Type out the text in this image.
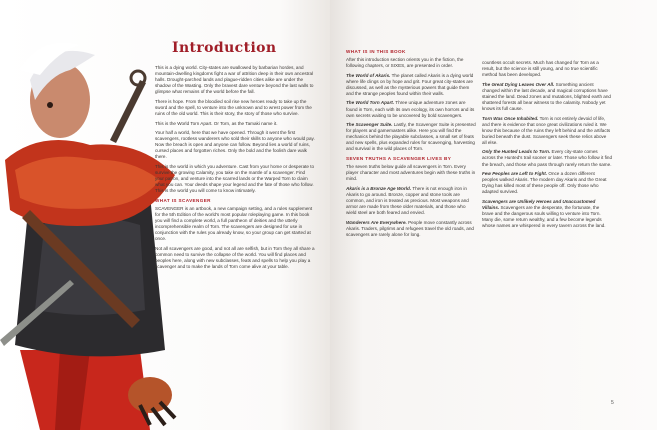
Introduction

This is a dying world. City-states are swallowed by barbarian hordes, and mountain-dwelling kingdoms fight a war of attrition deep in their own ancestral halls. Drought-parched lands and plague-ridden cities alike are under the shadow of the Wasting. Only the bravest dare venture beyond the last walls to glimpse what remains of the world before the fall.

There is hope. From the bloodied soil rise new heroes ready to take up the sword and the spell, to venture into the unknown and to wrest power from the ruins of the old world. This is their story, the story of those who survive.

This is the World Torn Apart. Or Torn, as the Tamaki name it.

Your half a world, here that we have opened. Through it went the first scavengers, rootless wanderers who sold their skills to anyone who would pay. Now the breach is open and anyone can follow. Beyond lies a world of ruins, cursed places and forgotten riches. Only the bold and the foolish dare walk there.

This is the world in which you adventure. Cast from your home or desperate to survive the growing Calamity, you take on the mantle of a scavenger. Find your patron, and venture into the scarred lands or the Warped Torn to claim what you can. Your deeds shape your legend and the fate of those who follow. This is the world you will come to know intimately.

WHAT IS SCAVENGER

SCAVENGER is an artbook, a new campaign setting, and a rules supplement for the 5th Edition of the world's most popular roleplaying game. In this book you will find a complete world, a full pantheon of deities and the utterly incomprehensible realm of Torn. The scavengers are designed for use in conjunction with the rules you already know, so your group can get started at once.

Not all scavengers are good, and not all are selfish, but in Torn they all share a common need to survive the collapse of the world. You will find places and peoples here, along with new subclasses, feats and spells to help you play a scavenger and to make the lands of Torn come alive at your table.

WHAT IS IN THIS BOOK

After this introduction section orients you in the fiction, the following chapters, or SIXES, are presented in order.

The World of Akaris. The planet called Akaris is a dying world where life clings on by hope and grit. Four great city-states are discussed, as well as the mysterious powers that guide them and the strange peoples found within their walls.

The World Torn Apart. Three unique adventure zones are found in Torn, each with its own ecology, its own horrors and its own secrets waiting to be uncovered by bold scavengers.

The Scavenger Suite. Lastly, the Scavenger Suite is presented for players and gamemasters alike. Here you will find the mechanics behind the playable subclasses, a small set of feats and new spells, plus expanded rules for scavenging, harvesting and survival in the wild places of Torn.

SEVEN TRUTHS A SCAVENGER LIVES BY

The seven truths below guide all scavengers in Torn. Every player character and most adventures begin with these truths in mind.

Akaris is a Bronze Age World. There is not enough iron in Akaris to go around. Bronze, copper and stone tools are common, and iron is treated as precious. Most weapons and armor are made from these older materials, and those who wield steel are both feared and envied.

Wanderers Are Everywhere. People move constantly across Akaris. Traders, pilgrims and refugees travel the old roads, and scavengers are rarely alone for long.

countless occult secrets. Much has changed for Torn as a result, but the science is still young, and no true scientific method has been developed.

The Great Dying Leaves Over All. Something ancient changed within the last decade, and magical corruptions have stained the land. Dead zones and mutations, blighted earth and shattered forests all bear witness to the calamity. Nobody yet knows its full cause.

Torn Was Once Inhabited. Torn is not entirely devoid of life, and there is evidence that once great civilizations ruled it. We know this because of the ruins they left behind and the artifacts buried beneath the dust. Scavengers seek these relics above all else.

Only the Hunted Leads to Torn. Every city-state comes across the Hunted's trail sooner or later. Those who follow it find the breach, and those who pass through rarely return the same.

Few Peoples are Left to Fight. Once a dozen different peoples walked Akaris. The modern day Akaris and the Great Dying has killed most of these people off. Only those who adapted survived.

Scavengers are Unlikely Heroes and Unaccustomed Villains. Scavengers are the desperate, the fortunate, the brave and the dangerous souls willing to venture into Torn. Many die, some return wealthy, and a few become legends whose names are whispered in every tavern across the land.

5
